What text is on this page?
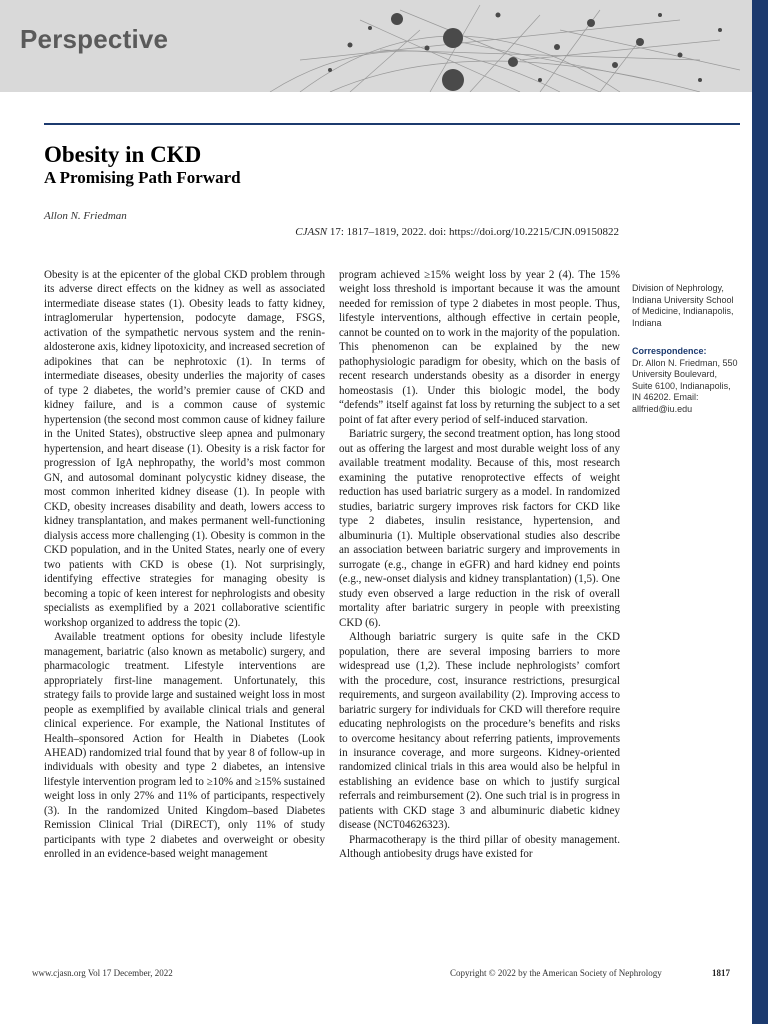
Perspective
Obesity in CKD
A Promising Path Forward
Allon N. Friedman
CJASN 17: 1817–1819, 2022. doi: https://doi.org/10.2215/CJN.09150822

Obesity is at the epicenter of the global CKD problem through its adverse direct effects on the kidney as well as associated intermediate disease states (1). Obesity leads to fatty kidney, intraglomerular hypertension, podocyte damage, FSGS, activation of the sympathetic nervous system and the renin-aldosterone axis, kidney lipotoxicity, and increased secretion of adipokines that can be nephrotoxic (1). In terms of intermediate diseases, obesity underlies the majority of cases of type 2 diabetes, the world’s premier cause of CKD and kidney failure, and is a common cause of systemic hypertension (the second most common cause of kidney failure in the United States), obstructive sleep apnea and pulmonary hypertension, and heart disease (1). Obesity is a risk factor for progression of IgA nephropathy, the world’s most common GN, and autosomal dominant polycystic kidney disease, the most common inherited kidney disease (1). In people with CKD, obesity increases disability and death, lowers access to kidney transplantation, and makes permanent well-functioning dialysis access more challenging (1). Obesity is common in the CKD population, and in the United States, nearly one of every two patients with CKD is obese (1). Not surprisingly, identifying effective strategies for managing obesity is becoming a topic of keen interest for nephrologists and obesity specialists as exemplified by a 2021 collaborative scientific workshop organized to address the topic (2).

Available treatment options for obesity include lifestyle management, bariatric (also known as metabolic) surgery, and pharmacologic treatment. Lifestyle interventions are appropriately first-line management. Unfortunately, this strategy fails to provide large and sustained weight loss in most people as exemplified by available clinical trials and general clinical experience. For example, the National Institutes of Health–sponsored Action for Health in Diabetes (Look AHEAD) randomized trial found that by year 8 of follow-up in individuals with obesity and type 2 diabetes, an intensive lifestyle intervention program led to ≥10% and ≥15% sustained weight loss in only 27% and 11% of participants, respectively (3). In the randomized United Kingdom–based Diabetes Remission Clinical Trial (DiRECT), only 11% of study participants with type 2 diabetes and overweight or obesity enrolled in an evidence-based weight management

program achieved ≥15% weight loss by year 2 (4). The 15% weight loss threshold is important because it was the amount needed for remission of type 2 diabetes in most people. Thus, lifestyle interventions, although effective in certain people, cannot be counted on to work in the majority of the population. This phenomenon can be explained by the new pathophysiologic paradigm for obesity, which on the basis of recent research understands obesity as a disorder in energy homeostasis (1). Under this biologic model, the body “defends” itself against fat loss by returning the subject to a set point of fat after every period of self-induced starvation.

Bariatric surgery, the second treatment option, has long stood out as offering the largest and most durable weight loss of any available treatment modality. Because of this, most research examining the putative renoprotective effects of weight reduction has used bariatric surgery as a model. In randomized studies, bariatric surgery improves risk factors for CKD like type 2 diabetes, insulin resistance, hypertension, and albuminuria (1). Multiple observational studies also describe an association between bariatric surgery and improvements in surrogate (e.g., change in eGFR) and hard kidney end points (e.g., new-onset dialysis and kidney transplantation) (1,5). One study even observed a large reduction in the risk of overall mortality after bariatric surgery in people with preexisting CKD (6).

Although bariatric surgery is quite safe in the CKD population, there are several imposing barriers to more widespread use (1,2). These include nephrologists’ comfort with the procedure, cost, insurance restrictions, presurgical requirements, and surgeon availability (2). Improving access to bariatric surgery for individuals for CKD will therefore require educating nephrologists on the procedure’s benefits and risks to overcome hesitancy about referring patients, improvements in insurance coverage, and more surgeons. Kidney-oriented randomized clinical trials in this area would also be helpful in establishing an evidence base on which to justify surgical referrals and reimbursement (2). One such trial is in progress in patients with CKD stage 3 and albuminuric diabetic kidney disease (NCT04626323).

Pharmacotherapy is the third pillar of obesity management. Although antiobesity drugs have existed for

Division of Nephrology, Indiana University School of Medicine, Indianapolis, Indiana
Correspondence:
Dr. Allon N. Friedman, 550 University Boulevard, Suite 6100, Indianapolis, IN 46202. Email: allfried@iu.edu
www.cjasn.org Vol 17 December, 2022	Copyright © 2022 by the American Society of Nephrology	1817
